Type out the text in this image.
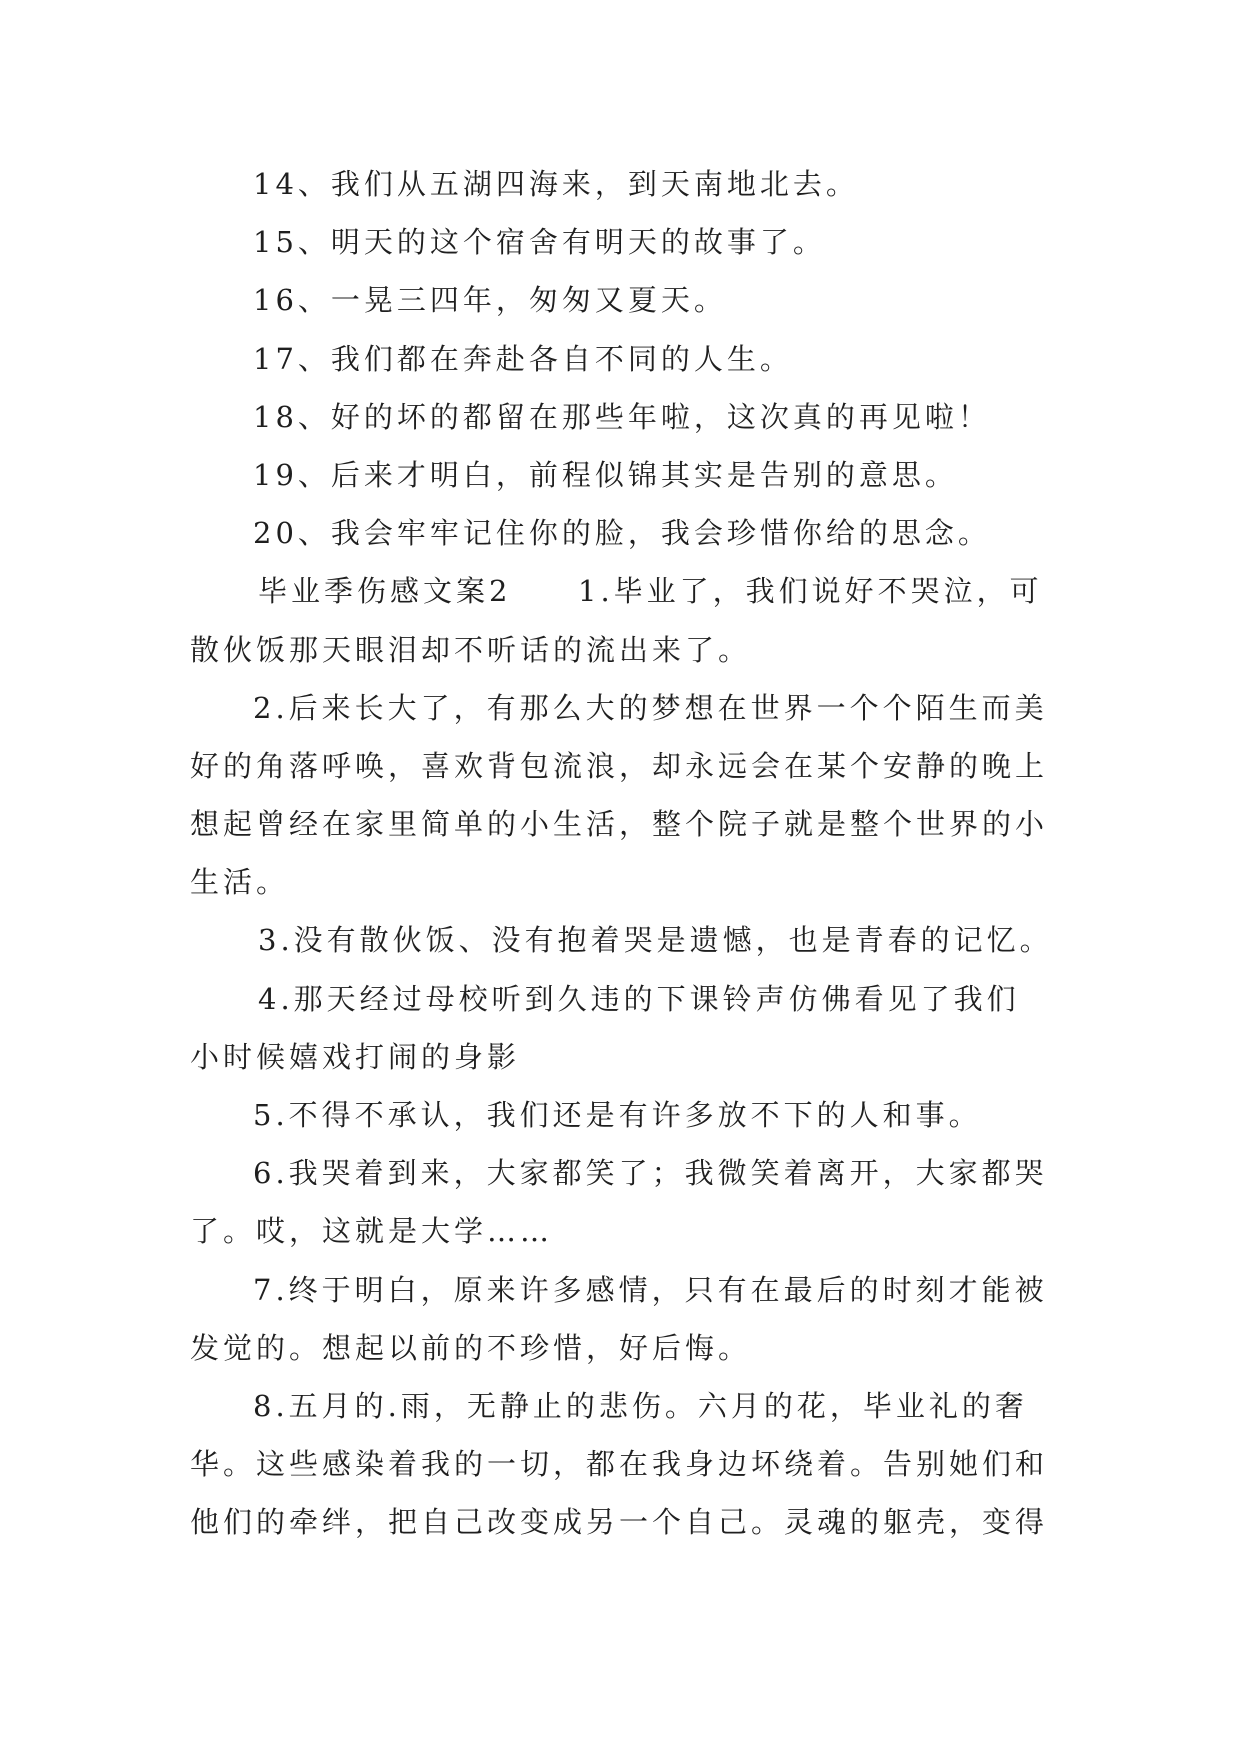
14、我们从五湖四海来，到天南地北去。
15、明天的这个宿舍有明天的故事了。
16、一晃三四年，匆匆又夏天。
17、我们都在奔赴各自不同的人生。
18、好的坏的都留在那些年啦，这次真的再见啦！
19、后来才明白，前程似锦其实是告别的意思。
20、我会牢牢记住你的脸，我会珍惜你给的思念。
毕业季伤感文案2 1.毕业了，我们说好不哭泣，可
散伙饭那天眼泪却不听话的流出来了。
2.后来长大了，有那么大的梦想在世界一个个陌生而美
好的角落呼唤，喜欢背包流浪，却永远会在某个安静的晚上
想起曾经在家里简单的小生活，整个院子就是整个世界的小
生活。
3.没有散伙饭、没有抱着哭是遗憾，也是青春的记忆。
4.那天经过母校听到久违的下课铃声仿佛看见了我们
小时候嬉戏打闹的身影
5.不得不承认，我们还是有许多放不下的人和事。
6.我哭着到来，大家都笑了；我微笑着离开，大家都哭
了。哎，这就是大学……
7.终于明白，原来许多感情，只有在最后的时刻才能被
发觉的。想起以前的不珍惜，好后悔。
8.五月的.雨，无静止的悲伤。六月的花，毕业礼的奢
华。这些感染着我的一切，都在我身边坏绕着。告别她们和
他们的牵绊，把自己改变成另一个自己。灵魂的躯壳，变得
